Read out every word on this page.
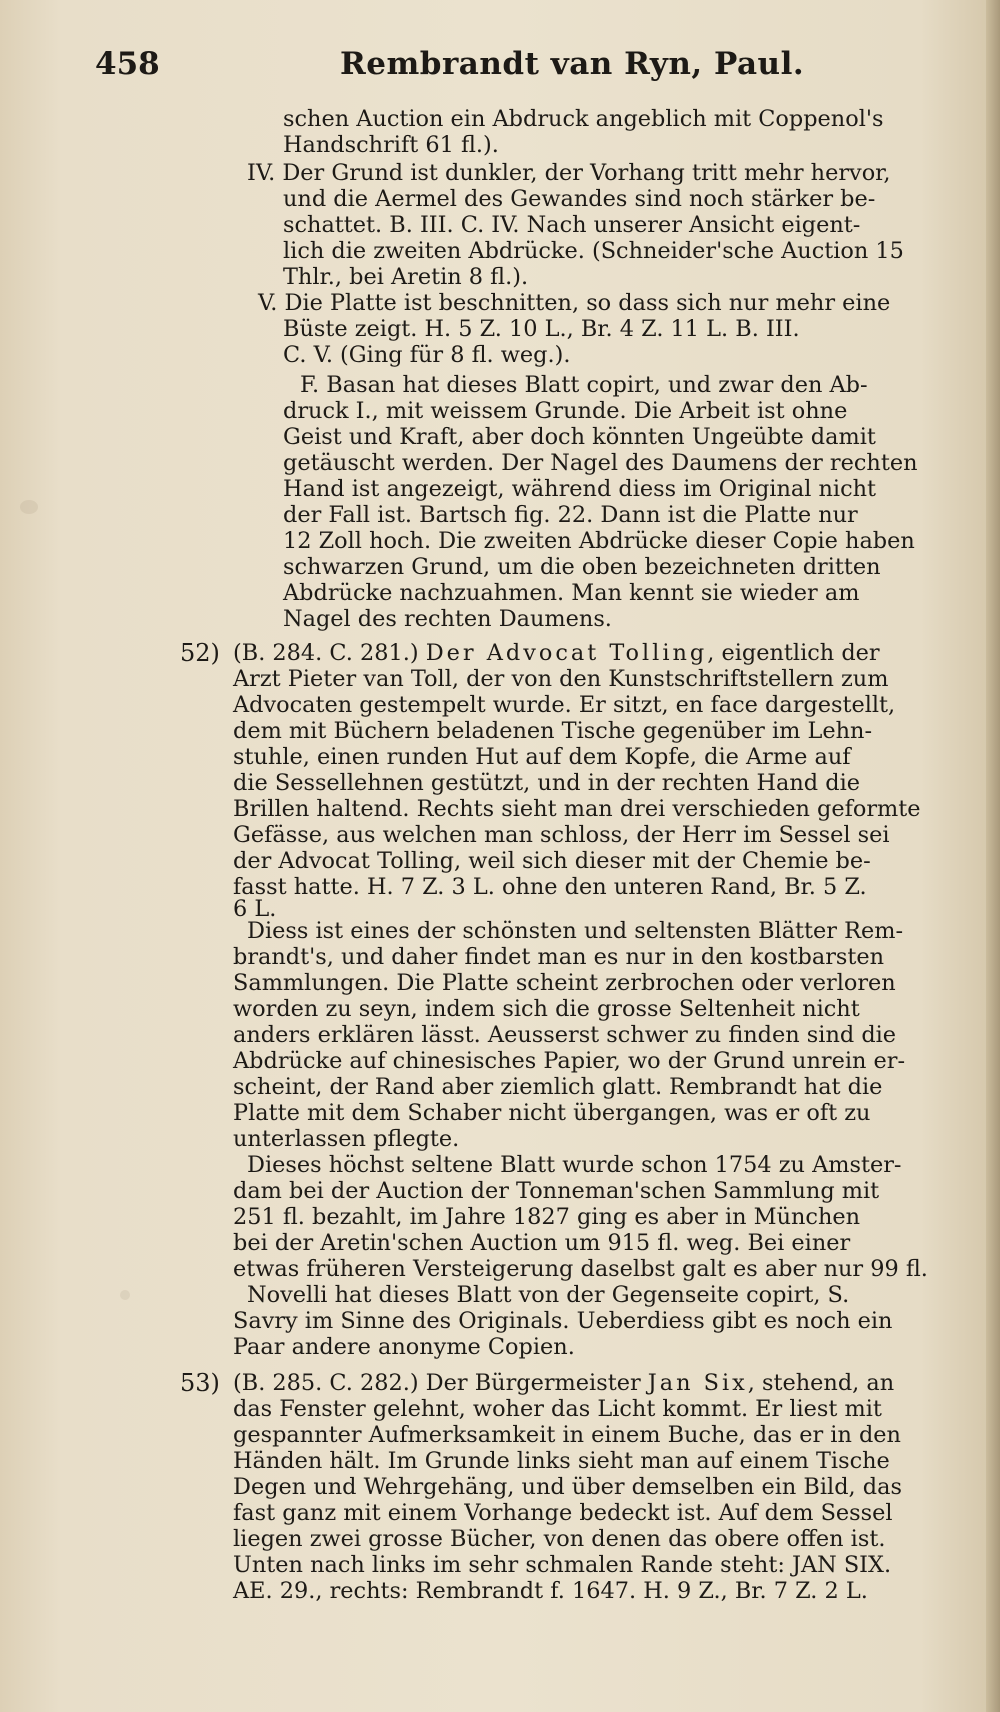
458	Rembrandt van Ryn, Paul.
schen Auction ein Abdruck angeblich mit Coppenol's
Handschrift 61 fl.).
IV. Der Grund ist dunkler, der Vorhang tritt mehr hervor,
und die Aermel des Gewandes sind noch stärker be-
schattet. B. III. C. IV. Nach unserer Ansicht eigent-
lich die zweiten Abdrücke. (Schneider'sche Auction 15
Thlr., bei Aretin 8 fl.).
V. Die Platte ist beschnitten, so dass sich nur mehr eine
Büste zeigt. H. 5 Z. 10 L., Br. 4 Z. 11 L. B. III.
C. V. (Ging für 8 fl. weg.).
F. Basan hat dieses Blatt copirt, und zwar den Ab-
druck I., mit weissem Grunde. Die Arbeit ist ohne
Geist und Kraft, aber doch könnten Ungeübte damit
getäuscht werden. Der Nagel des Daumens der rechten
Hand ist angezeigt, während diess im Original nicht
der Fall ist. Bartsch fig. 22. Dann ist die Platte nur
12 Zoll hoch. Die zweiten Abdrücke dieser Copie haben
schwarzen Grund, um die oben bezeichneten dritten
Abdrücke nachzuahmen. Man kennt sie wieder am
Nagel des rechten Daumens.
52) (B. 284. C. 281.) Der Advocat Tolling, eigentlich der
Arzt Pieter van Toll, der von den Kunstschriftstellern zum
Advocaten gestempelt wurde. Er sitzt, en face dargestellt,
dem mit Büchern beladenen Tische gegenüber im Lehn-
stuhle, einen runden Hut auf dem Kopfe, die Arme auf
die Sessellehnen gestützt, und in der rechten Hand die
Brillen haltend. Rechts sieht man drei verschieden geformte
Gefässe, aus welchen man schloss, der Herr im Sessel sei
der Advocat Tolling, weil sich dieser mit der Chemie be-
fasst hatte. H. 7 Z. 3 L. ohne den unteren Rand, Br. 5 Z.
6 L.
Diess ist eines der schönsten und seltensten Blätter Rem-
brandt's, und daher findet man es nur in den kostbarsten
Sammlungen. Die Platte scheint zerbrochen oder verloren
worden zu seyn, indem sich die grosse Seltenheit nicht
anders erklären lässt. Aeusserst schwer zu finden sind die
Abdrücke auf chinesisches Papier, wo der Grund unrein er-
scheint, der Rand aber ziemlich glatt. Rembrandt hat die
Platte mit dem Schaber nicht übergangen, was er oft zu
unterlassen pflegte.
Dieses höchst seltene Blatt wurde schon 1754 zu Amster-
dam bei der Auction der Tonneman'schen Sammlung mit
251 fl. bezahlt, im Jahre 1827 ging es aber in München
bei der Aretin'schen Auction um 915 fl. weg. Bei einer
etwas früheren Versteigerung daselbst galt es aber nur 99 fl.
Novelli hat dieses Blatt von der Gegenseite copirt, S.
Savry im Sinne des Originals. Ueberdiess gibt es noch ein
Paar andere anonyme Copien.
53) (B. 285. C. 282.) Der Bürgermeister Jan Six, stehend, an
das Fenster gelehnt, woher das Licht kommt. Er liest mit
gespannter Aufmerksamkeit in einem Buche, das er in den
Händen hält. Im Grunde links sieht man auf einem Tische
Degen und Wehrgehäng, und über demselben ein Bild, das
fast ganz mit einem Vorhange bedeckt ist. Auf dem Sessel
liegen zwei grosse Bücher, von denen das obere offen ist.
Unten nach links im sehr schmalen Rande steht: JAN SIX.
AE. 29., rechts: Rembrandt f. 1647. H. 9 Z., Br. 7 Z. 2 L.
